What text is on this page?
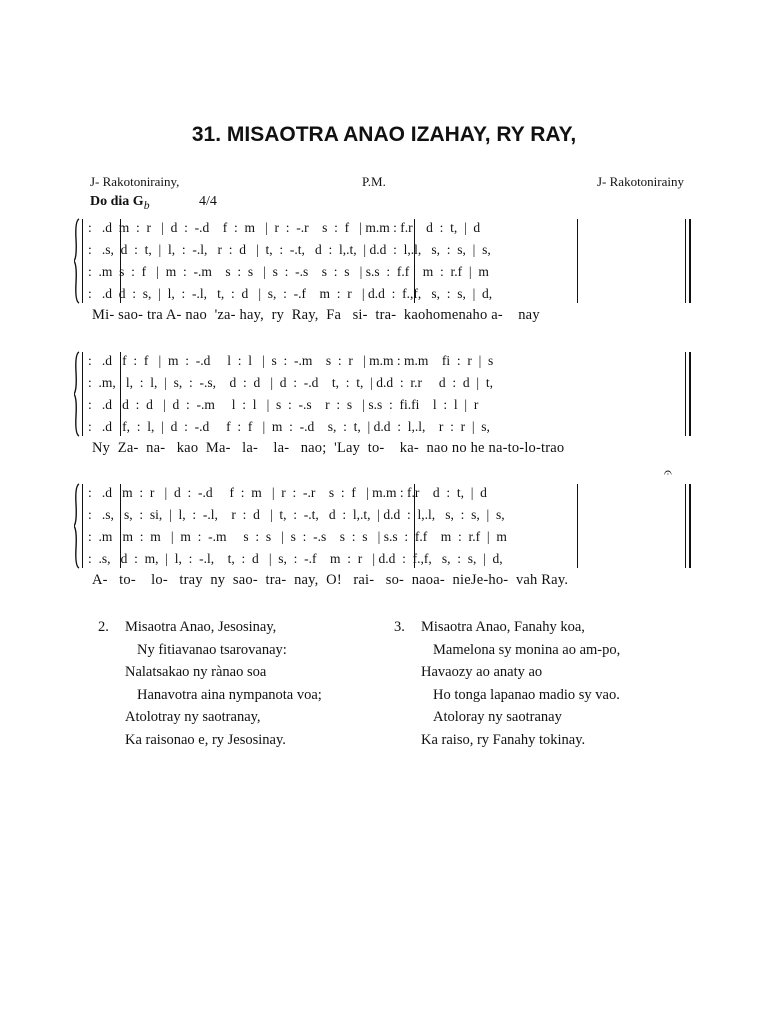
31. MISAOTRA ANAO IZAHAY, RY RAY,
J- Rakotonirainy,	P.M.	J- Rakotonirainy
Do dia $G_b$	4/4
:   .d  m  :  r   |  d  :  -.d    f  :  m   |  r  :  -.r    s  :  f   | m.m : f.r    d  :  t,  |  d
:   .s,  d  :  t,  |  l,  :  -.l,   r  :  d   |  t,  :  -.t,   d  :  l,.t,  | d.d  :  l,.l,   s,  :  s,  |  s,
:  .m  s  :  f   |  m  :  -.m    s  :  s   |  s  :  -.s    s  :  s   | s.s  :  f.f    m  :  r.f  |  m
:   .d  d  :  s,  |  l,  :  -.l,   t,  :  d   |  s,  :  -.f    m  :  r   | d.d  :  f.,f,   s,  :  s,  |  d,
Mi- sao- tra A- nao  'za- hay,  ry  Ray,  Fa   si-  tra-  kaohomenaho a-    nay
:   .d   f  :  f   |  m  :  -.d     l  :  l   |  s  :  -.m    s  :  r   | m.m : m.m    fi  :  r  |  s
:  .m,   l,  :  l,  |  s,  :  -.s,    d  :  d   |  d  :  -.d    t,  :  t,  | d.d  :  r.r     d  :  d  |  t,
:   .d   d  :  d   |  d  :  -.m     l  :  l   |  s  :  -.s    r  :  s   | s.s  :  fi.fi    l  :  l  |  r
:   .d   f,  :  l,  |  d  :  -.d     f  :  f   |  m  :  -.d    s,  :  t,  | d.d  :  l,.l,    r  :  r  |  s,
Ny  Za-  na-   kao  Ma-   la-    la-   nao;  'Lay  to-    ka-  nao no he na-to-lo-trao
𝄐
:   .d   m  :  r   |  d  :  -.d     f  :  m   |  r  :  -.r    s  :  f   | m.m : f.r    d  :  t,  |  d
:   .s,   s,  :  si,  |  l,  :  -.l,    r  :  d   |  t,  :  -.t,   d  :  l,.t,  | d.d  :  l,.l,   s,  :  s,  |  s,
:  .m   m  :  m   |  m  :  -.m     s  :  s   |  s  :  -.s    s  :  s   | s.s  :  f.f    m  :  r.f  |  m
:  .s,   d  :  m,  |  l,  :  -.l,    t,  :  d   |  s,  :  -.f    m  :  r   | d.d  :  f.,f,   s,  :  s,  |  d,
A-   to-    lo-   tray  ny  sao-  tra-  nay,  O!   rai-   so-  naoa-  nieJe-ho-  vah Ray.
2. Misaotra Anao, Jesosinay,
Ny fitiavanao tsarovanay:
Nalatsakao ny rànao soa
Hanavotra aina nympanota voa;
Atolotray ny saotranay,
Ka raisonao e, ry Jesosinay.
3. Misaotra Anao, Fanahy koa,
Mamelona sy monina ao am-po,
Havaozy ao anaty ao
Ho tonga lapanao madio sy vao.
Atoloray ny saotranay
Ka raiso, ry Fanahy tokinay.
